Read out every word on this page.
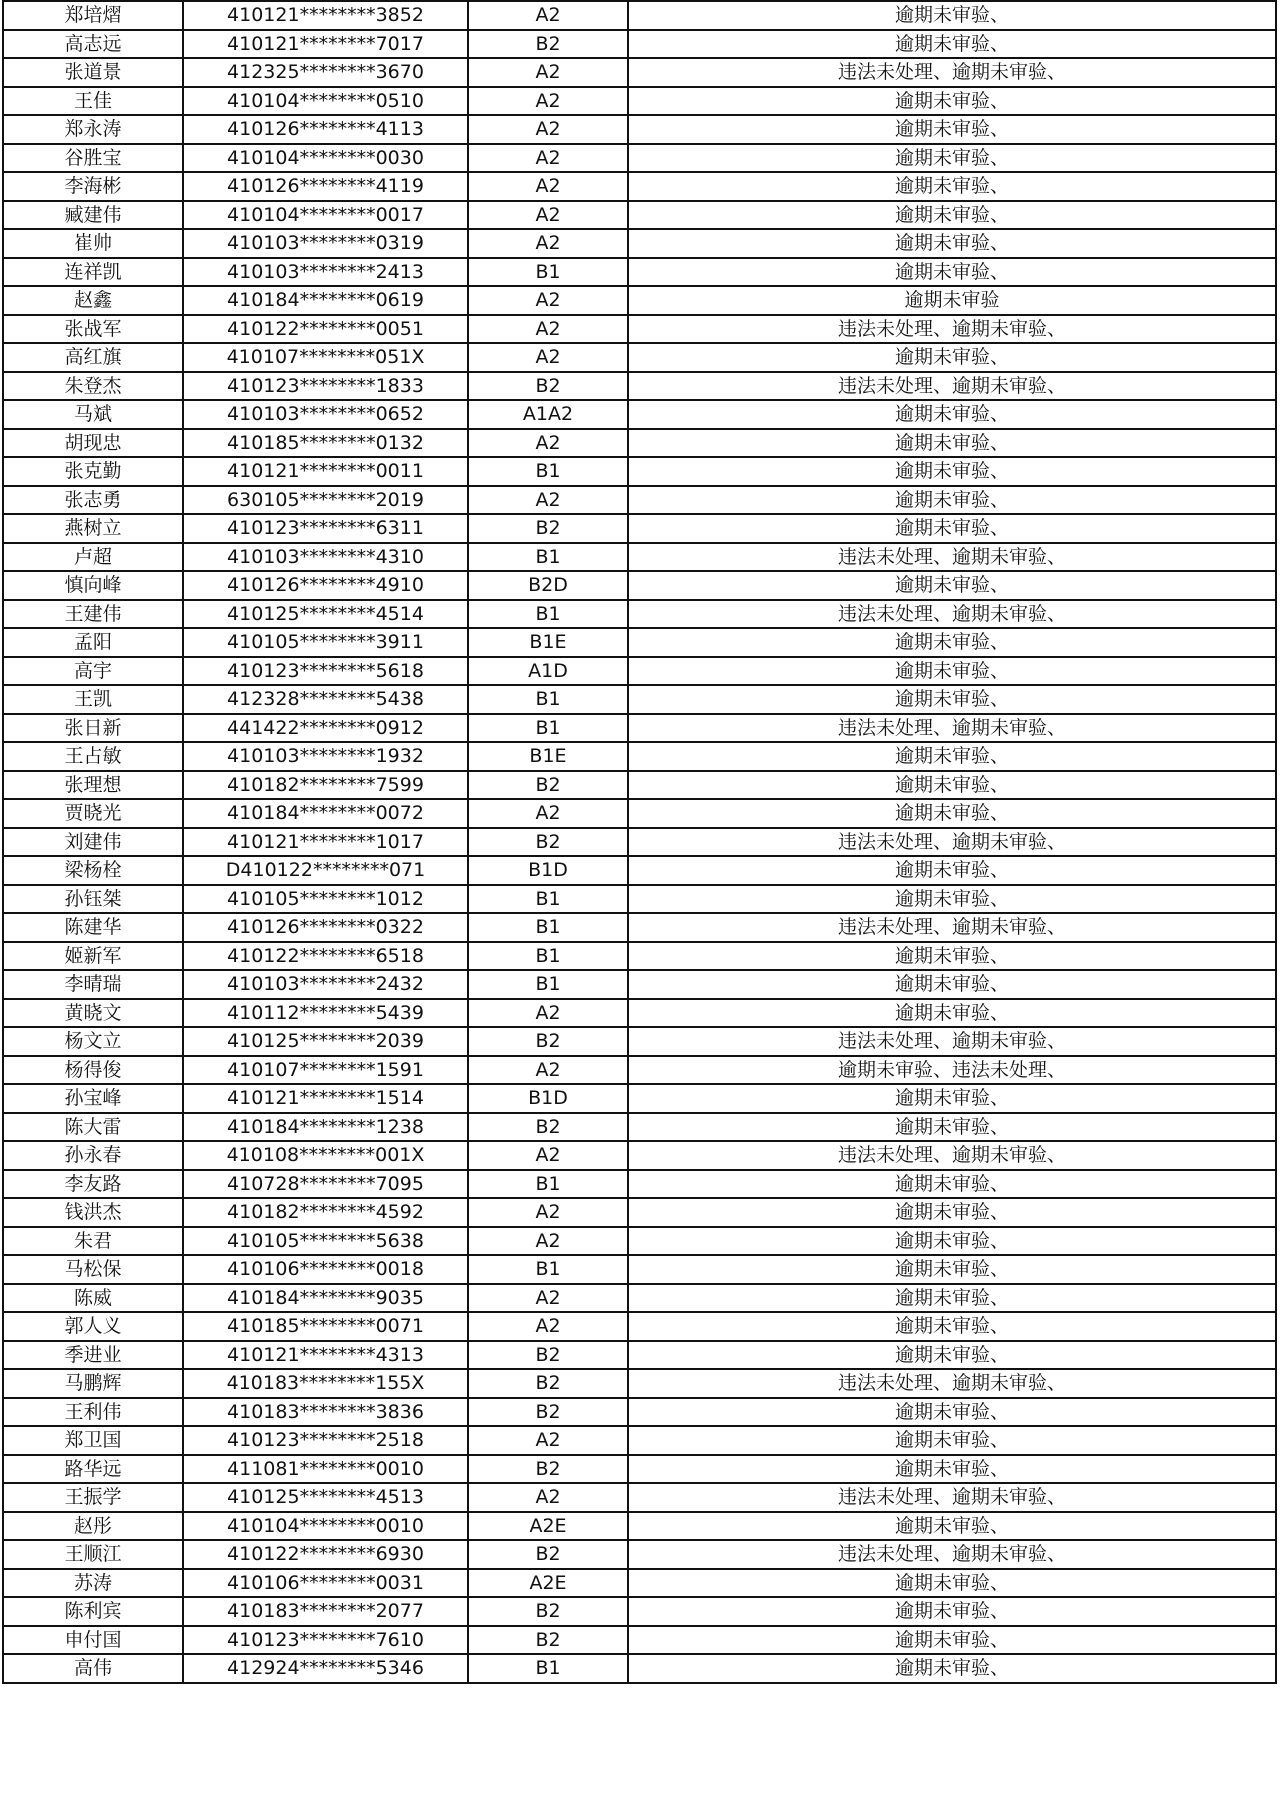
郑培熠	410121********3852	A2	逾期未审验、
高志远	410121********7017	B2	逾期未审验、
张道景	412325********3670	A2	违法未处理、逾期未审验、
王佳	410104********0510	A2	逾期未审验、
郑永涛	410126********4113	A2	逾期未审验、
谷胜宝	410104********0030	A2	逾期未审验、
李海彬	410126********4119	A2	逾期未审验、
臧建伟	410104********0017	A2	逾期未审验、
崔帅	410103********0319	A2	逾期未审验、
连祥凯	410103********2413	B1	逾期未审验、
赵鑫	410184********0619	A2	逾期未审验
张战军	410122********0051	A2	违法未处理、逾期未审验、
高红旗	410107********051X	A2	逾期未审验、
朱登杰	410123********1833	B2	违法未处理、逾期未审验、
马斌	410103********0652	A1A2	逾期未审验、
胡现忠	410185********0132	A2	逾期未审验、
张克勤	410121********0011	B1	逾期未审验、
张志勇	630105********2019	A2	逾期未审验、
燕树立	410123********6311	B2	逾期未审验、
卢超	410103********4310	B1	违法未处理、逾期未审验、
慎向峰	410126********4910	B2D	逾期未审验、
王建伟	410125********4514	B1	违法未处理、逾期未审验、
孟阳	410105********3911	B1E	逾期未审验、
高宇	410123********5618	A1D	逾期未审验、
王凯	412328********5438	B1	逾期未审验、
张日新	441422********0912	B1	违法未处理、逾期未审验、
王占敏	410103********1932	B1E	逾期未审验、
张理想	410182********7599	B2	逾期未审验、
贾晓光	410184********0072	A2	逾期未审验、
刘建伟	410121********1017	B2	违法未处理、逾期未审验、
梁杨栓	D410122********071	B1D	逾期未审验、
孙钰桀	410105********1012	B1	逾期未审验、
陈建华	410126********0322	B1	违法未处理、逾期未审验、
姬新军	410122********6518	B1	逾期未审验、
李晴瑞	410103********2432	B1	逾期未审验、
黄晓文	410112********5439	A2	逾期未审验、
杨文立	410125********2039	B2	违法未处理、逾期未审验、
杨得俊	410107********1591	A2	逾期未审验、违法未处理、
孙宝峰	410121********1514	B1D	逾期未审验、
陈大雷	410184********1238	B2	逾期未审验、
孙永春	410108********001X	A2	违法未处理、逾期未审验、
李友路	410728********7095	B1	逾期未审验、
钱洪杰	410182********4592	A2	逾期未审验、
朱君	410105********5638	A2	逾期未审验、
马松保	410106********0018	B1	逾期未审验、
陈威	410184********9035	A2	逾期未审验、
郭人义	410185********0071	A2	逾期未审验、
季进业	410121********4313	B2	逾期未审验、
马鹏辉	410183********155X	B2	违法未处理、逾期未审验、
王利伟	410183********3836	B2	逾期未审验、
郑卫国	410123********2518	A2	逾期未审验、
路华远	411081********0010	B2	逾期未审验、
王振学	410125********4513	A2	违法未处理、逾期未审验、
赵彤	410104********0010	A2E	逾期未审验、
王顺江	410122********6930	B2	违法未处理、逾期未审验、
苏涛	410106********0031	A2E	逾期未审验、
陈利宾	410183********2077	B2	逾期未审验、
申付国	410123********7610	B2	逾期未审验、
高伟	412924********5346	B1	逾期未审验、
